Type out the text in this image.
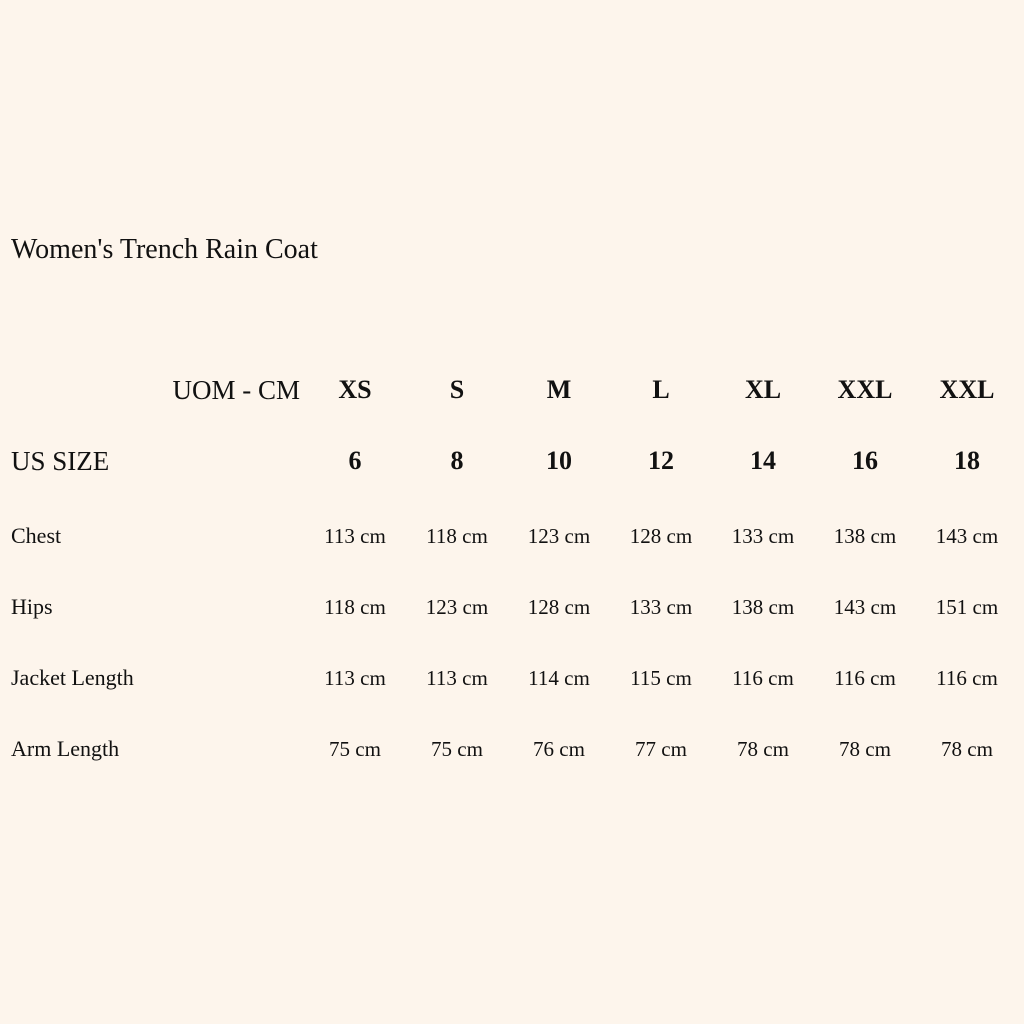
Women's Trench Rain Coat
UOM - CM	XS	S	M	L	XL	XXL	XXL
US SIZE	6	8	10	12	14	16	18
Chest	113 cm	118 cm	123 cm	128 cm	133 cm	138 cm	143 cm
Hips	118 cm	123 cm	128 cm	133 cm	138 cm	143 cm	151 cm
Jacket Length	113 cm	113 cm	114 cm	115 cm	116 cm	116 cm	116 cm
Arm Length	75 cm	75 cm	76 cm	77 cm	78 cm	78 cm	78 cm
